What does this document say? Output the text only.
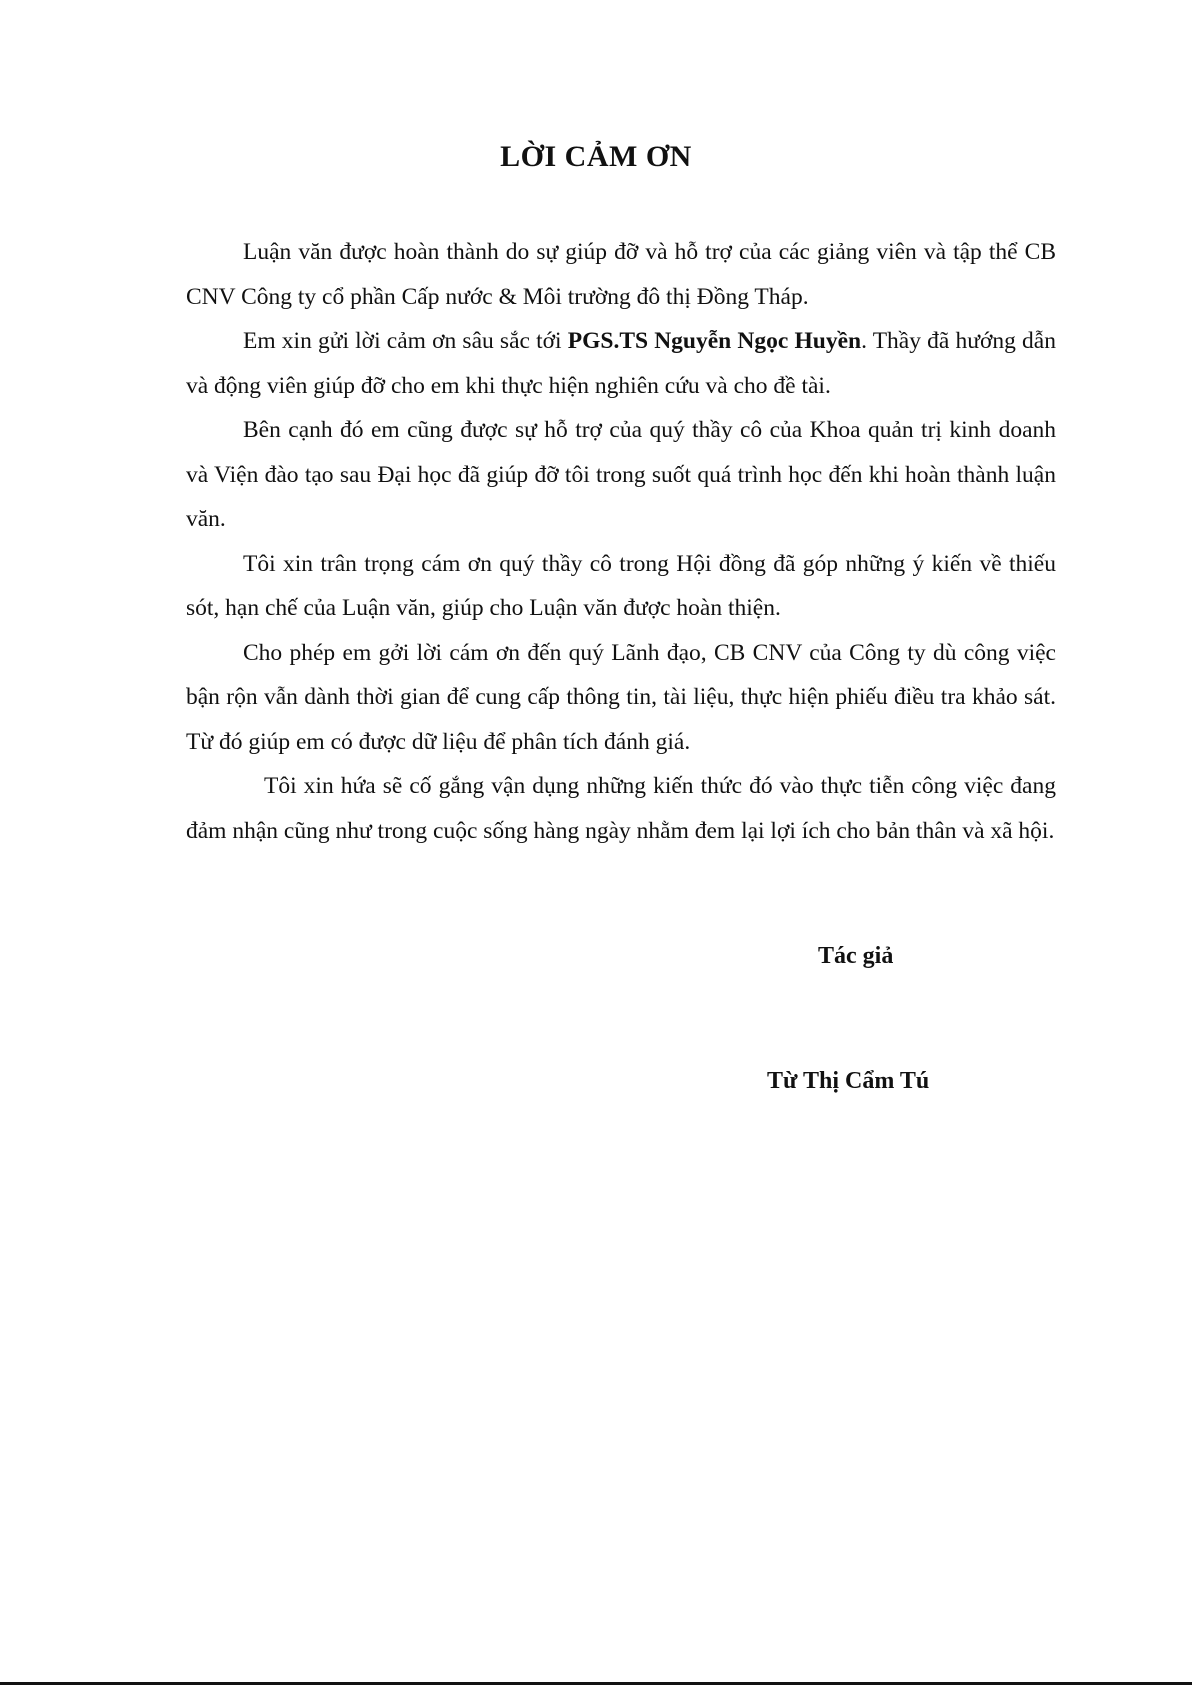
LỜI CẢM ƠN

Luận văn được hoàn thành do sự giúp đỡ và hỗ trợ của các giảng viên và tập thể CB CNV Công ty cổ phần Cấp nước & Môi trường đô thị Đồng Tháp.

Em xin gửi lời cảm ơn sâu sắc tới PGS.TS Nguyễn Ngọc Huyền. Thầy đã hướng dẫn và động viên giúp đỡ cho em khi thực hiện nghiên cứu và cho đề tài.

Bên cạnh đó em cũng được sự hỗ trợ của quý thầy cô của Khoa quản trị kinh doanh và Viện đào tạo sau Đại học đã giúp đỡ tôi trong suốt quá trình học đến khi hoàn thành luận văn.

Tôi xin trân trọng cám ơn quý thầy cô trong Hội đồng đã góp những ý kiến về thiếu sót, hạn chế của Luận văn, giúp cho Luận văn được hoàn thiện.

Cho phép em gởi lời cám ơn đến quý Lãnh đạo, CB CNV của Công ty dù công việc bận rộn vẫn dành thời gian để cung cấp thông tin, tài liệu, thực hiện phiếu điều tra khảo sát. Từ đó giúp em có được dữ liệu để phân tích đánh giá.

Tôi xin hứa sẽ cố gắng vận dụng những kiến thức đó vào thực tiễn công việc đang đảm nhận cũng như trong cuộc sống hàng ngày nhằm đem lại lợi ích cho bản thân và xã hội.

Tác giả
Từ Thị Cẩm Tú
